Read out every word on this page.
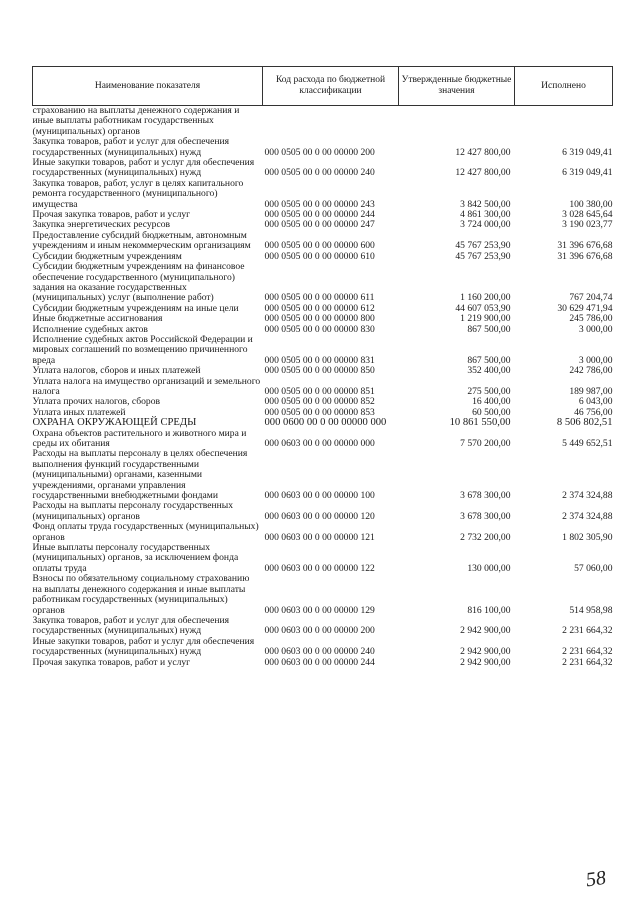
Наименование показателя	Код расхода по бюджетной классификации	Утвержденные бюджетные значения	Исполнено
страхованию на выплаты денежного содержания и иные выплаты работникам государственных (муниципальных) органов			
Закупка товаров, работ и услуг для обеспечения государственных (муниципальных) нужд	000 0505 00 0 00 00000 200	12 427 800,00	6 319 049,41
Иные закупки товаров, работ и услуг для обеспечения государственных (муниципальных) нужд	000 0505 00 0 00 00000 240	12 427 800,00	6 319 049,41
Закупка товаров, работ, услуг в целях капитального ремонта государственного (муниципального) имущества	000 0505 00 0 00 00000 243	3 842 500,00	100 380,00
Прочая закупка товаров, работ и услуг	000 0505 00 0 00 00000 244	4 861 300,00	3 028 645,64
Закупка энергетических ресурсов	000 0505 00 0 00 00000 247	3 724 000,00	3 190 023,77
Предоставление субсидий бюджетным, автономным учреждениям и иным некоммерческим организациям	000 0505 00 0 00 00000 600	45 767 253,90	31 396 676,68
Субсидии бюджетным учреждениям	000 0505 00 0 00 00000 610	45 767 253,90	31 396 676,68
Субсидии бюджетным учреждениям на финансовое обеспечение государственного (муниципального) задания на оказание государственных (муниципальных) услуг (выполнение работ)	000 0505 00 0 00 00000 611	1 160 200,00	767 204,74
Субсидии бюджетным учреждениям на иные цели	000 0505 00 0 00 00000 612	44 607 053,90	30 629 471,94
Иные бюджетные ассигнования	000 0505 00 0 00 00000 800	1 219 900,00	245 786,00
Исполнение судебных актов	000 0505 00 0 00 00000 830	867 500,00	3 000,00
Исполнение судебных актов Российской Федерации и мировых соглашений по возмещению причиненного вреда	000 0505 00 0 00 00000 831	867 500,00	3 000,00
Уплата налогов, сборов и иных платежей	000 0505 00 0 00 00000 850	352 400,00	242 786,00
Уплата налога на имущество организаций и земельного налога	000 0505 00 0 00 00000 851	275 500,00	189 987,00
Уплата прочих налогов, сборов	000 0505 00 0 00 00000 852	16 400,00	6 043,00
Уплата иных платежей	000 0505 00 0 00 00000 853	60 500,00	46 756,00
ОХРАНА ОКРУЖАЮЩЕЙ СРЕДЫ	000 0600 00 0 00 00000 000	10 861 550,00	8 506 802,51
Охрана объектов растительного и животного мира и среды их обитания	000 0603 00 0 00 00000 000	7 570 200,00	5 449 652,51
Расходы на выплаты персоналу в целях обеспечения выполнения функций государственными (муниципальными) органами, казенными учреждениями, органами управления государственными внебюджетными фондами	000 0603 00 0 00 00000 100	3 678 300,00	2 374 324,88
Расходы на выплаты персоналу государственных (муниципальных) органов	000 0603 00 0 00 00000 120	3 678 300,00	2 374 324,88
Фонд оплаты труда государственных (муниципальных) органов	000 0603 00 0 00 00000 121	2 732 200,00	1 802 305,90
Иные выплаты персоналу государственных (муниципальных) органов, за исключением фонда оплаты труда	000 0603 00 0 00 00000 122	130 000,00	57 060,00
Взносы по обязательному социальному страхованию на выплаты денежного содержания и иные выплаты работникам государственных (муниципальных) органов	000 0603 00 0 00 00000 129	816 100,00	514 958,98
Закупка товаров, работ и услуг для обеспечения государственных (муниципальных) нужд	000 0603 00 0 00 00000 200	2 942 900,00	2 231 664,32
Иные закупки товаров, работ и услуг для обеспечения государственных (муниципальных) нужд	000 0603 00 0 00 00000 240	2 942 900,00	2 231 664,32
Прочая закупка товаров, работ и услуг	000 0603 00 0 00 00000 244	2 942 900,00	2 231 664,32
58
